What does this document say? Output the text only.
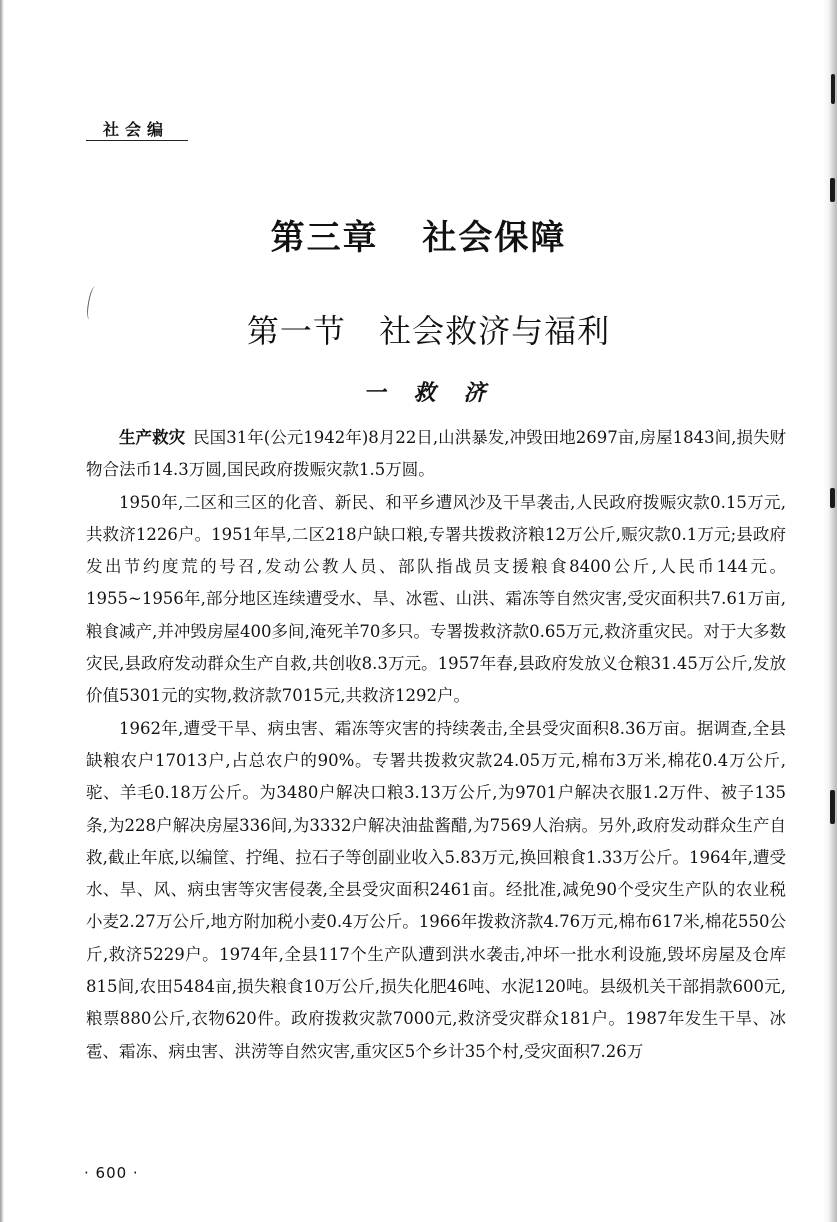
社会编
第三章 社会保障
第一节 社会救济与福利
一救济

生产救灾 民国31年(公元1942年)8月22日,山洪暴发,冲毁田地2697亩,房屋1843间,损失财物合法币14.3万圆,国民政府拨赈灾款1.5万圆。

1950年,二区和三区的化音、新民、和平乡遭风沙及干旱袭击,人民政府拨赈灾款0.15万元,共救济1226户。1951年旱,二区218户缺口粮,专署共拨救济粮12万公斤,赈灾款0.1万元;县政府发出节约度荒的号召,发动公教人员、部队指战员支援粮食8400公斤,人民币144元。1955~1956年,部分地区连续遭受水、旱、冰雹、山洪、霜冻等自然灾害,受灾面积共7.61万亩,粮食减产,并冲毁房屋400多间,淹死羊70多只。专署拨救济款0.65万元,救济重灾民。对于大多数灾民,县政府发动群众生产自救,共创收8.3万元。1957年春,县政府发放义仓粮31.45万公斤,发放价值5301元的实物,救济款7015元,共救济1292户。

1962年,遭受干旱、病虫害、霜冻等灾害的持续袭击,全县受灾面积8.36万亩。据调查,全县缺粮农户17013户,占总农户的90%。专署共拨救灾款24.05万元,棉布3万米,棉花0.4万公斤,驼、羊毛0.18万公斤。为3480户解决口粮3.13万公斤,为9701户解决衣服1.2万件、被子135条,为228户解决房屋336间,为3332户解决油盐酱醋,为7569人治病。另外,政府发动群众生产自救,截止年底,以编筐、拧绳、拉石子等创副业收入5.83万元,换回粮食1.33万公斤。1964年,遭受水、旱、风、病虫害等灾害侵袭,全县受灾面积2461亩。经批准,减免90个受灾生产队的农业税小麦2.27万公斤,地方附加税小麦0.4万公斤。1966年拨救济款4.76万元,棉布617米,棉花550公斤,救济5229户。1974年,全县117个生产队遭到洪水袭击,冲坏一批水利设施,毁坏房屋及仓库815间,农田5484亩,损失粮食10万公斤,损失化肥46吨、水泥120吨。县级机关干部捐款600元,粮票880公斤,衣物620件。政府拨救灾款7000元,救济受灾群众181户。1987年发生干旱、冰雹、霜冻、病虫害、洪涝等自然灾害,重灾区5个乡计35个村,受灾面积7.26万

· 600 ·
